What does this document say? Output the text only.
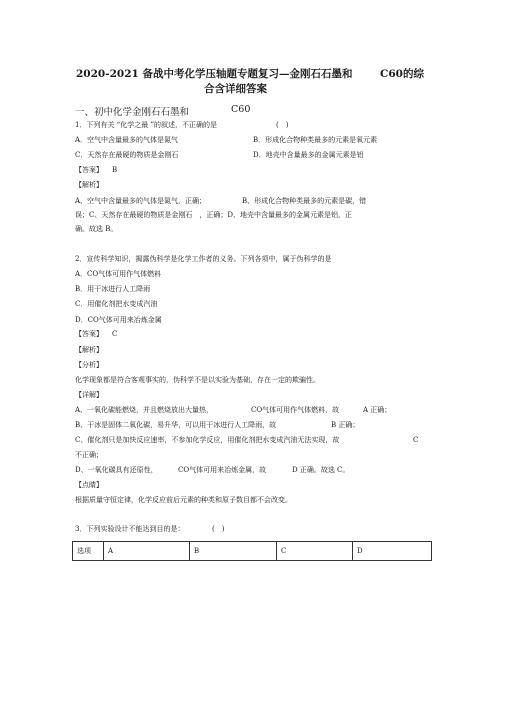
2020-2021 备战中考化学压轴题专题复习—金刚石石墨和	C60的综
合含详细答案
一、初中化学金刚石石墨和	C60
1．下列有关 “化学之最 ”的叙述，不正确的是	(　)
A．空气中含量最多的气体是氮气	B．形成化合物种类最多的元素是氧元素
C．天然存在最硬的物质是金刚石	D．地壳中含量最多的金属元素是铝
【答案】 B
【解析】
A、空气中含量最多的气体是氮气，正确；	B、形成化合物种类最多的元素是碳，错
误；C、天然存在最硬的物质是金刚石　，正确；D、地壳中含量最多的金属元素是铝，正
确。故选 B。
2．宣传科学知识，揭露伪科学是化学工作者的义务。下列各项中，属于伪科学的是
A．CO气体可用作气体燃料
B．用干冰进行人工降雨
C．用催化剂把水变成汽油
D．CO气体可用来冶炼金属
【答案】 C
【解析】
【分析】
化学现象都是符合客观事实的，伪科学不是以实验为基础，存在一定的欺骗性。
【详解】
A、一氧化碳能燃烧，并且燃烧放出大量热，	CO气体可用作气体燃料，故	A 正确；
B、干冰是固体二氧化碳，易升华，可以用干冰进行人工降雨，故	B 正确；
C、催化剂只是加快反应速率，不参加化学反应，用催化剂把水变成汽油无法实现，故	C
不正确；
D、一氧化碳具有还原性，	CO气体可用来冶炼金属，故	D 正确。故选 C。
【点睛】
根据质量守恒定律，化学反应前后元素的种类和原子数目都不会改变。
3．下列实验设计不能达到目的是：	(　)
选项	A	B	C	D
